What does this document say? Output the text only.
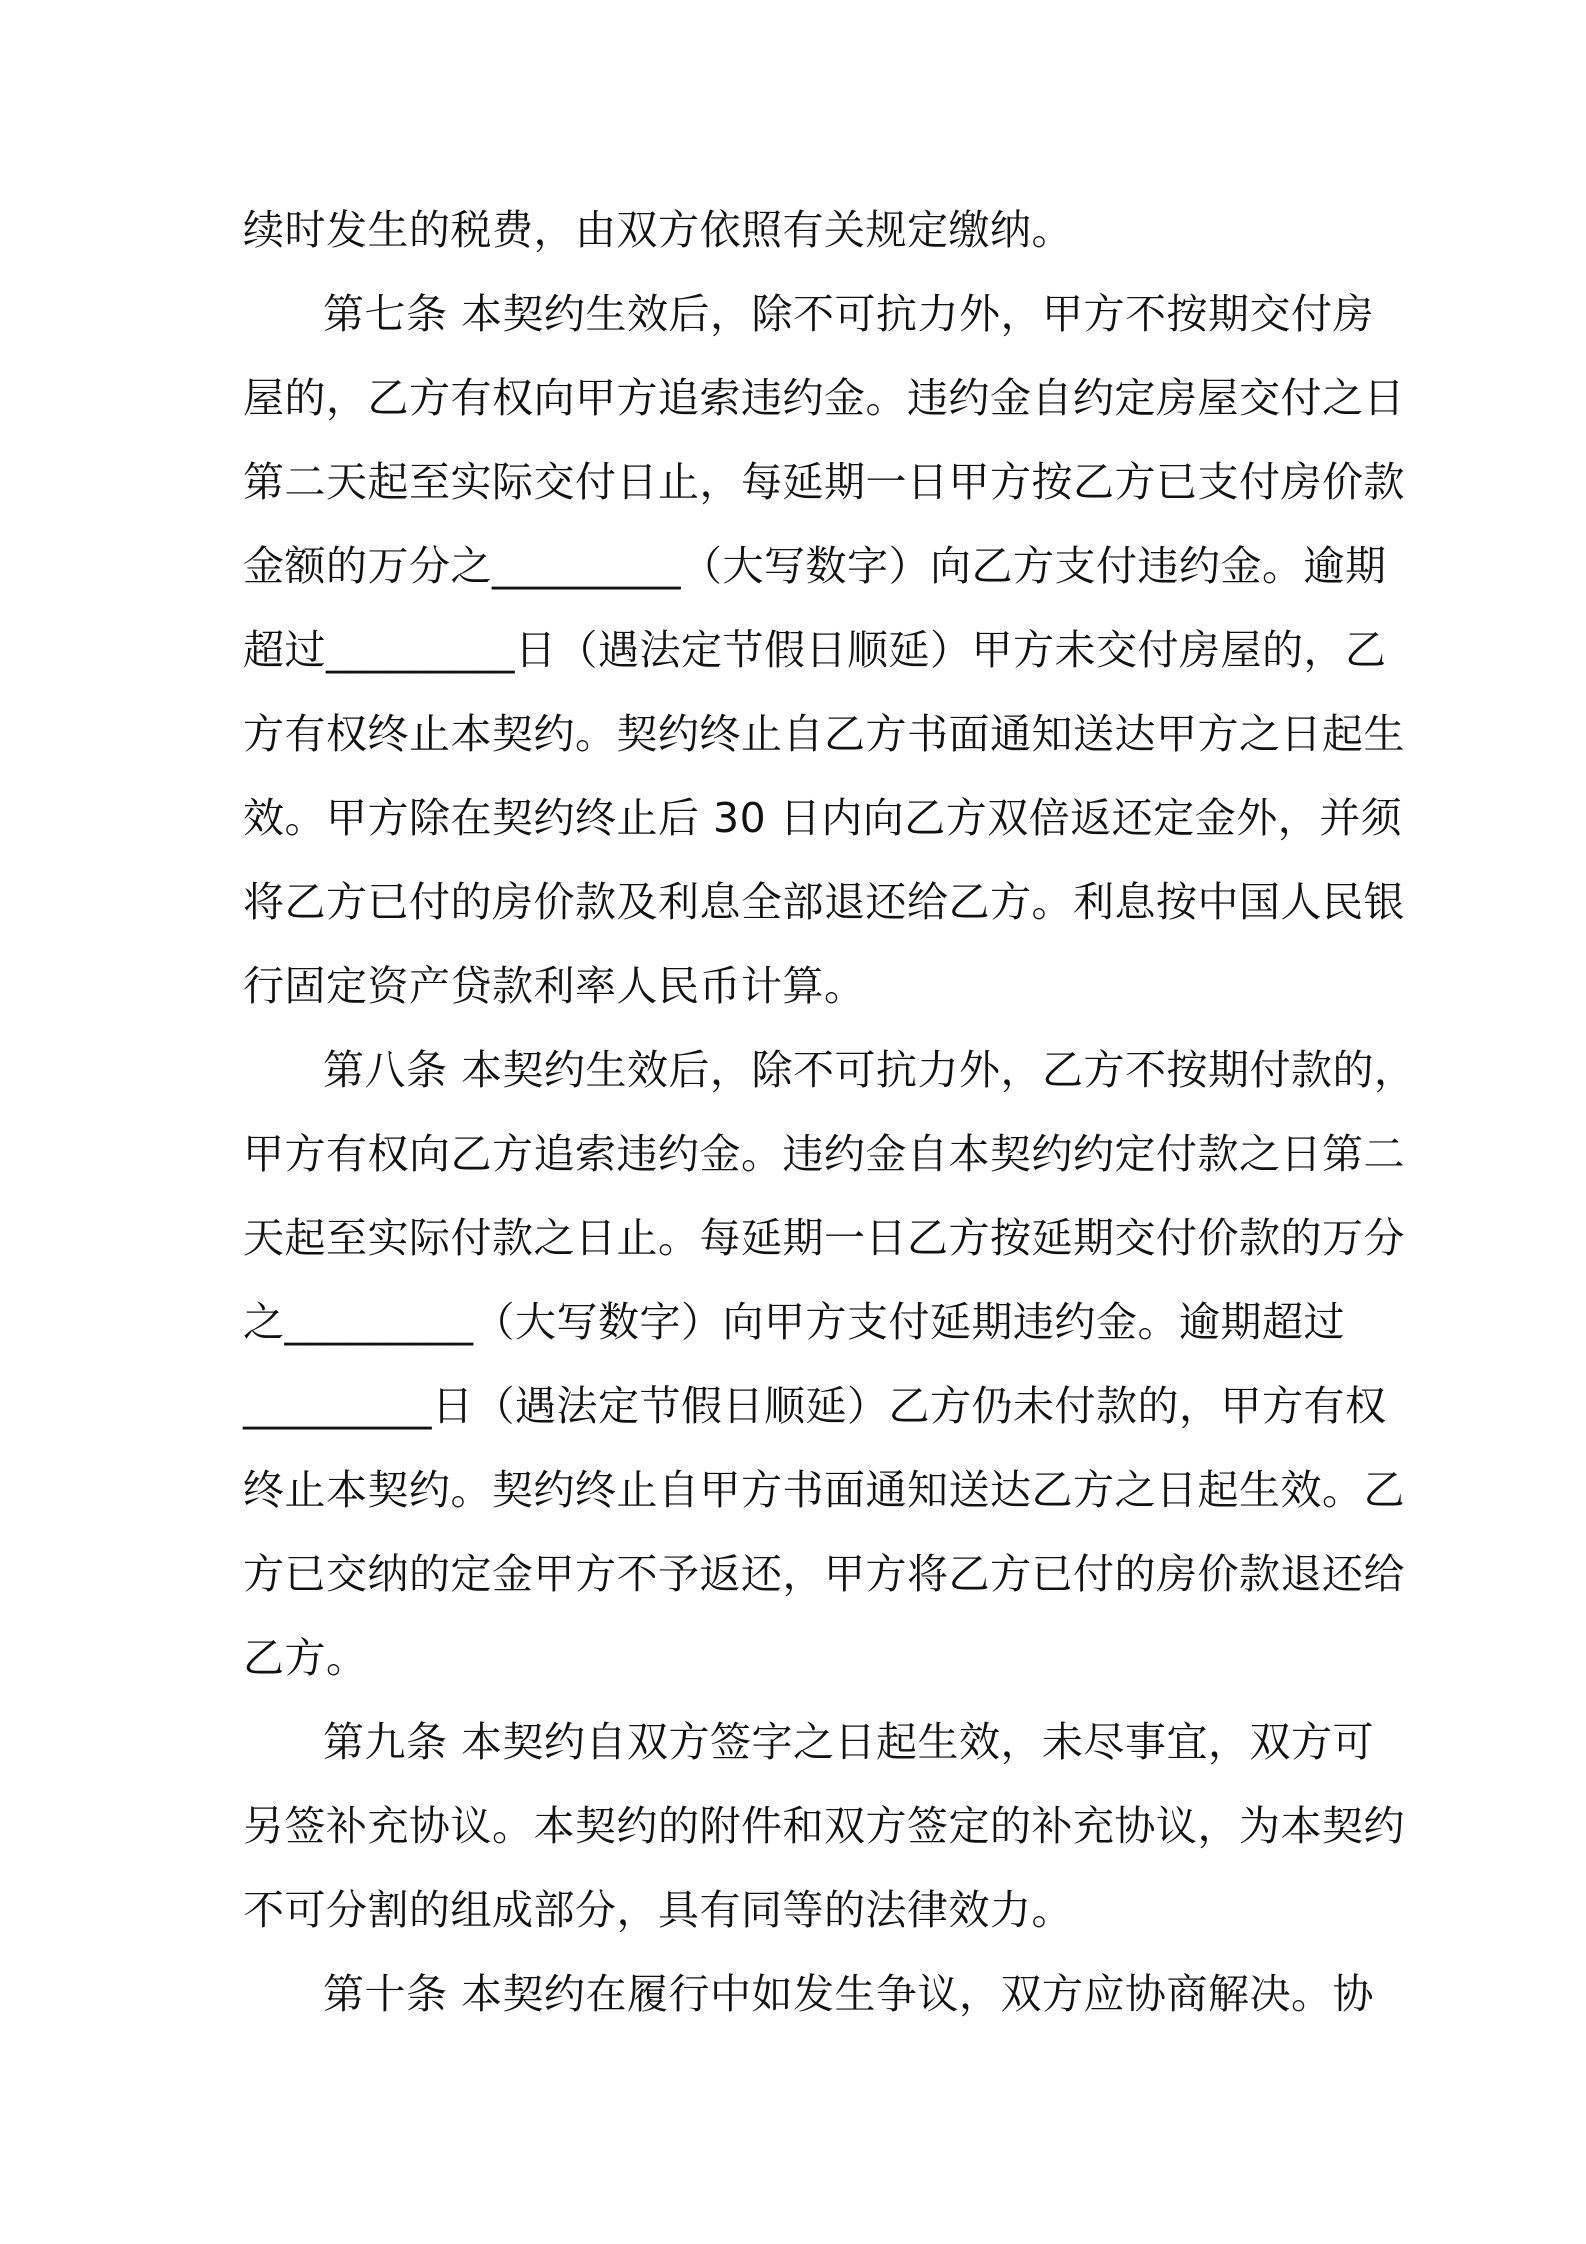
续时发生的税费，由双方依照有关规定缴纳。
第七条 本契约生效后，除不可抗力外，甲方不按期交付房
屋的，乙方有权向甲方追索违约金。违约金自约定房屋交付之日
第二天起至实际交付日止，每延期一日甲方按乙方已支付房价款
金额的万分之_________（大写数字）向乙方支付违约金。逾期
超过_________日（遇法定节假日顺延）甲方未交付房屋的，乙
方有权终止本契约。契约终止自乙方书面通知送达甲方之日起生
效。甲方除在契约终止后 30 日内向乙方双倍返还定金外，并须
将乙方已付的房价款及利息全部退还给乙方。利息按中国人民银
行固定资产贷款利率人民币计算。
第八条 本契约生效后，除不可抗力外，乙方不按期付款的，
甲方有权向乙方追索违约金。违约金自本契约约定付款之日第二
天起至实际付款之日止。每延期一日乙方按延期交付价款的万分
之_________（大写数字）向甲方支付延期违约金。逾期超过
_________日（遇法定节假日顺延）乙方仍未付款的，甲方有权
终止本契约。契约终止自甲方书面通知送达乙方之日起生效。乙
方已交纳的定金甲方不予返还，甲方将乙方已付的房价款退还给
乙方。
第九条 本契约自双方签字之日起生效，未尽事宜，双方可
另签补充协议。本契约的附件和双方签定的补充协议，为本契约
不可分割的组成部分，具有同等的法律效力。
第十条 本契约在履行中如发生争议，双方应协商解决。协
